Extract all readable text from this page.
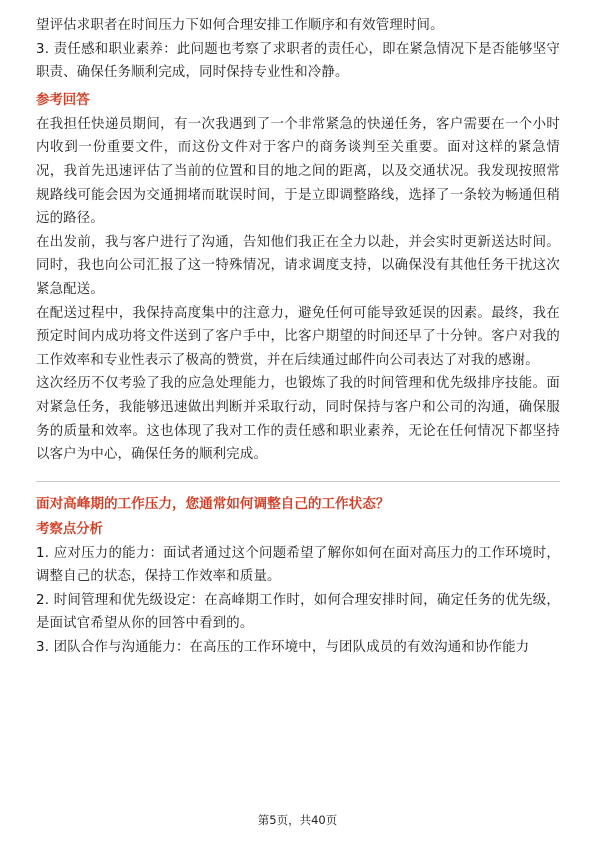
望评估求职者在时间压力下如何合理安排工作顺序和有效管理时间。

3. 责任感和职业素养：此问题也考察了求职者的责任心，即在紧急情况下是否能够坚守职责、确保任务顺利完成，同时保持专业性和冷静。

参考回答

在我担任快递员期间，有一次我遇到了一个非常紧急的快递任务，客户需要在一个小时内收到一份重要文件，而这份文件对于客户的商务谈判至关重要。面对这样的紧急情况，我首先迅速评估了当前的位置和目的地之间的距离，以及交通状况。我发现按照常规路线可能会因为交通拥堵而耽误时间，于是立即调整路线，选择了一条较为畅通但稍远的路径。

在出发前，我与客户进行了沟通，告知他们我正在全力以赴，并会实时更新送达时间。同时，我也向公司汇报了这一特殊情况，请求调度支持，以确保没有其他任务干扰这次紧急配送。

在配送过程中，我保持高度集中的注意力，避免任何可能导致延误的因素。最终，我在预定时间内成功将文件送到了客户手中，比客户期望的时间还早了十分钟。客户对我的工作效率和专业性表示了极高的赞赏，并在后续通过邮件向公司表达了对我的感谢。

这次经历不仅考验了我的应急处理能力，也锻炼了我的时间管理和优先级排序技能。面对紧急任务，我能够迅速做出判断并采取行动，同时保持与客户和公司的沟通，确保服务的质量和效率。这也体现了我对工作的责任感和职业素养，无论在任何情况下都坚持以客户为中心，确保任务的顺利完成。

面对高峰期的工作压力，您通常如何调整自己的工作状态？
考察点分析

1. 应对压力的能力：面试者通过这个问题希望了解你如何在面对高压力的工作环境时，调整自己的状态，保持工作效率和质量。

2. 时间管理和优先级设定：在高峰期工作时，如何合理安排时间，确定任务的优先级，是面试官希望从你的回答中看到的。

3. 团队合作与沟通能力：在高压的工作环境中，与团队成员的有效沟通和协作能力

第5页，共40页
